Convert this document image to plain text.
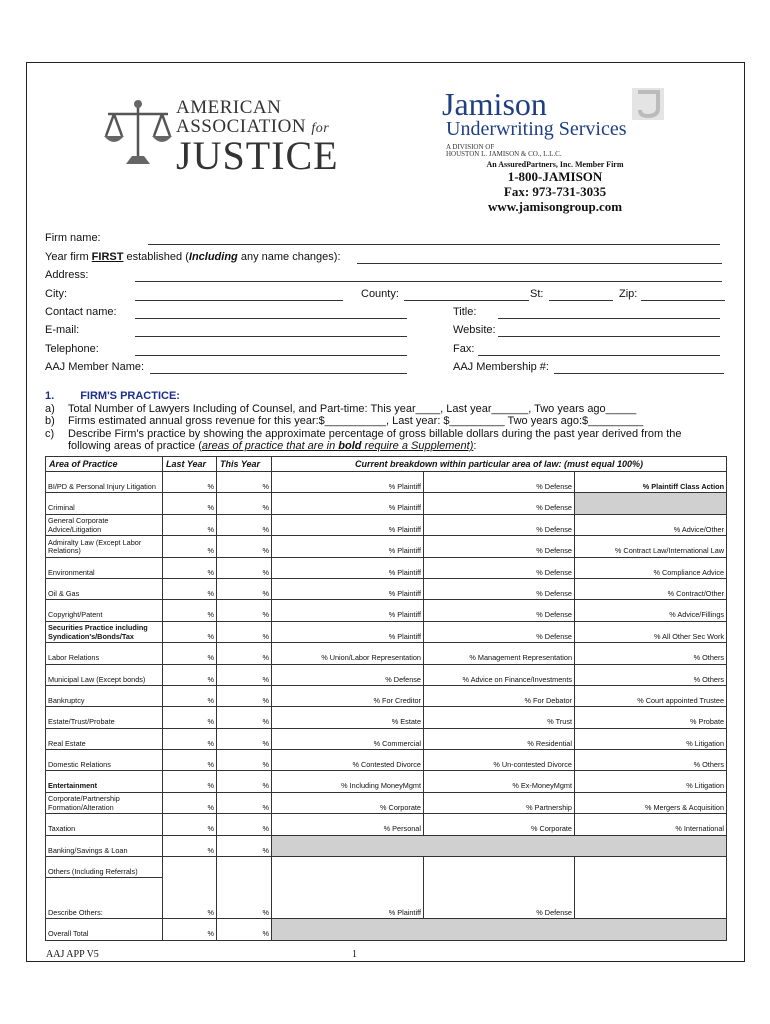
AMERICAN
ASSOCIATION for
JUSTICE
Jamison
Underwriting Services
A DIVISION OF
HOUSTON L. JAMISON & CO., L.L.C.
An AssuredPartners, Inc. Member Firm
1-800-JAMISON
Fax: 973-731-3035
www.jamisongroup.com
Firm name:
Year firm FIRST established (Including any name changes):
Address:
City:	County:	St:	Zip:
Contact name:	Title:
E-mail:	Website:
Telephone:	Fax:
AAJ Member Name:	AAJ Membership #:
1. FIRM'S PRACTICE:
a) Total Number of Lawyers Including of Counsel, and Part-time: This year____, Last year______, Two years ago_____
b) Firms estimated annual gross revenue for this year:$__________, Last year: $_________ Two years ago:$_________
c) Describe Firm's practice by showing the approximate percentage of gross billable dollars during the past year derived from the
following areas of practice (areas of practice that are in bold require a Supplement):
Area of Practice	Last Year	This Year	Current breakdown within particular area of law: (must equal 100%)		
BI/PD & Personal Injury Litigation	%	%	% Plaintiff	% Defense	% Plaintiff Class Action
Criminal	%	%	% Plaintiff	% Defense	
General Corporate Advice/Litigation	%	%	% Plaintiff	% Defense	% Advice/Other
Admiralty Law (Except Labor Relations)	%	%	% Plaintiff	% Defense	% Contract Law/International Law
Environmental	%	%	% Plaintiff	% Defense	% Compliance Advice
Oil & Gas	%	%	% Plaintiff	% Defense	% Contract/Other
Copyright/Patent	%	%	% Plaintiff	% Defense	% Advice/Fillings
Securities Practice including Syndication's/Bonds/Tax	%	%	% Plaintiff	% Defense	% All Other Sec Work
Labor Relations	%	%	% Union/Labor Representation	% Management Representation	% Others
Municipal Law (Except bonds)	%	%	% Defense	% Advice on Finance/Investments	% Others
Bankruptcy	%	%	% For Creditor	% For Debator	% Court appointed Trustee
Estate/Trust/Probate	%	%	% Estate	% Trust	% Probate
Real Estate	%	%	% Commercial	% Residential	% Litigation
Domestic Relations	%	%	% Contested Divorce	% Un-contested Divorce	% Others
Entertainment	%	%	% Including MoneyMgmt	% Ex-MoneyMgmt	% Litigation
Corporate/Partnership Formation/Alteration	%	%	% Corporate	% Partnership	% Mergers & Acquisition
Taxation	%	%	% Personal	% Corporate	% International
Banking/Savings & Loan	%	%			
Others (Including Referrals)	%	%	% Plaintiff	% Defense	
Describe Others:					
Overall Total	%	%			
AAJ APP V5	1
